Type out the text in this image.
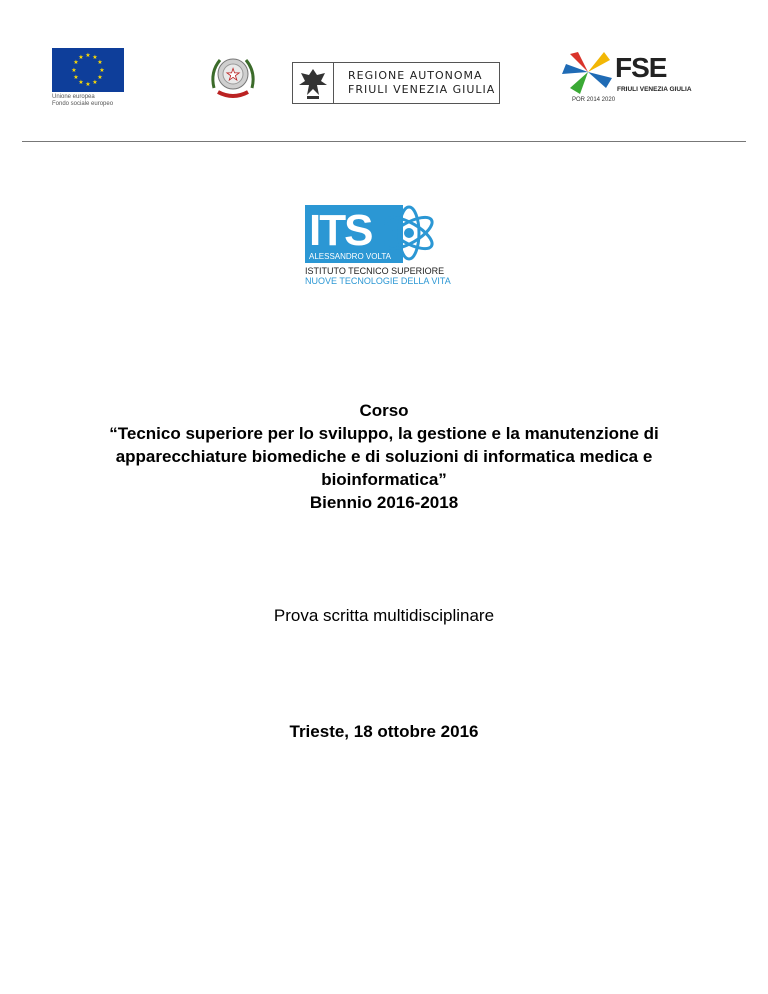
★ ★
★
★
★
★
★
★
★
★
★
★
Unione europea
Fondo sociale europeo
★	REGIONE AUTONOMA
FRIULI VENEZIA GIULIA
FSE
FRIULI VENEZIA GIULIA
POR 2014 2020
ITS
ALESSANDRO VOLTA
ISTITUTO TECNICO SUPERIORE
NUOVE TECNOLOGIE DELLA VITA
Corso
“Tecnico superiore per lo sviluppo, la gestione e la manutenzione di
apparecchiature biomediche e di soluzioni di informatica medica e
bioinformatica”
Biennio 2016-2018
Prova scritta multidisciplinare
Trieste, 18 ottobre 2016
